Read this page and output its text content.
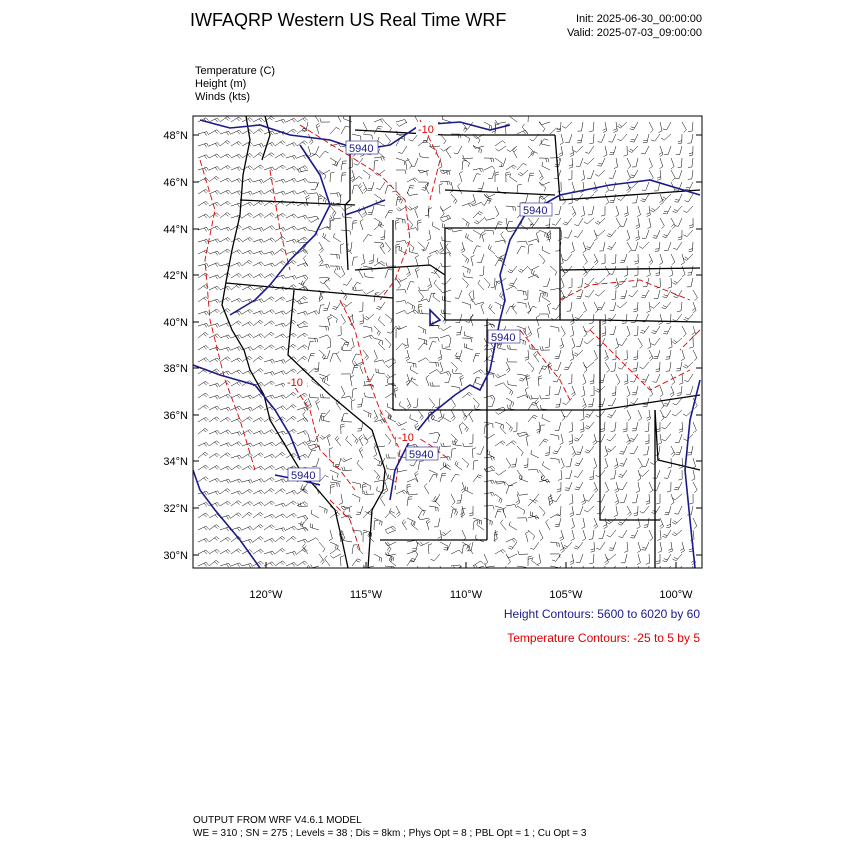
IWFAQRP Western US Real Time WRF	Init: 2025-06-30_00:00:00
Valid: 2025-07-03_09:00:00
Temperature (C)
Height (m)
Winds (kts)
5940
5940
5940
5940
5940
-10
-10
-10
48°N
46°N
44°N
42°N
40°N
38°N
36°N
34°N
32°N
30°N
120°W	115°W	110°W	105°W	100°W
Height Contours: 5600 to 6020 by 60
Temperature Contours: -25 to 5 by 5
OUTPUT FROM WRF V4.6.1 MODEL
WE = 310 ; SN = 275 ; Levels = 38 ; Dis = 8km ; Phys Opt = 8 ; PBL Opt = 1 ; Cu Opt = 3
